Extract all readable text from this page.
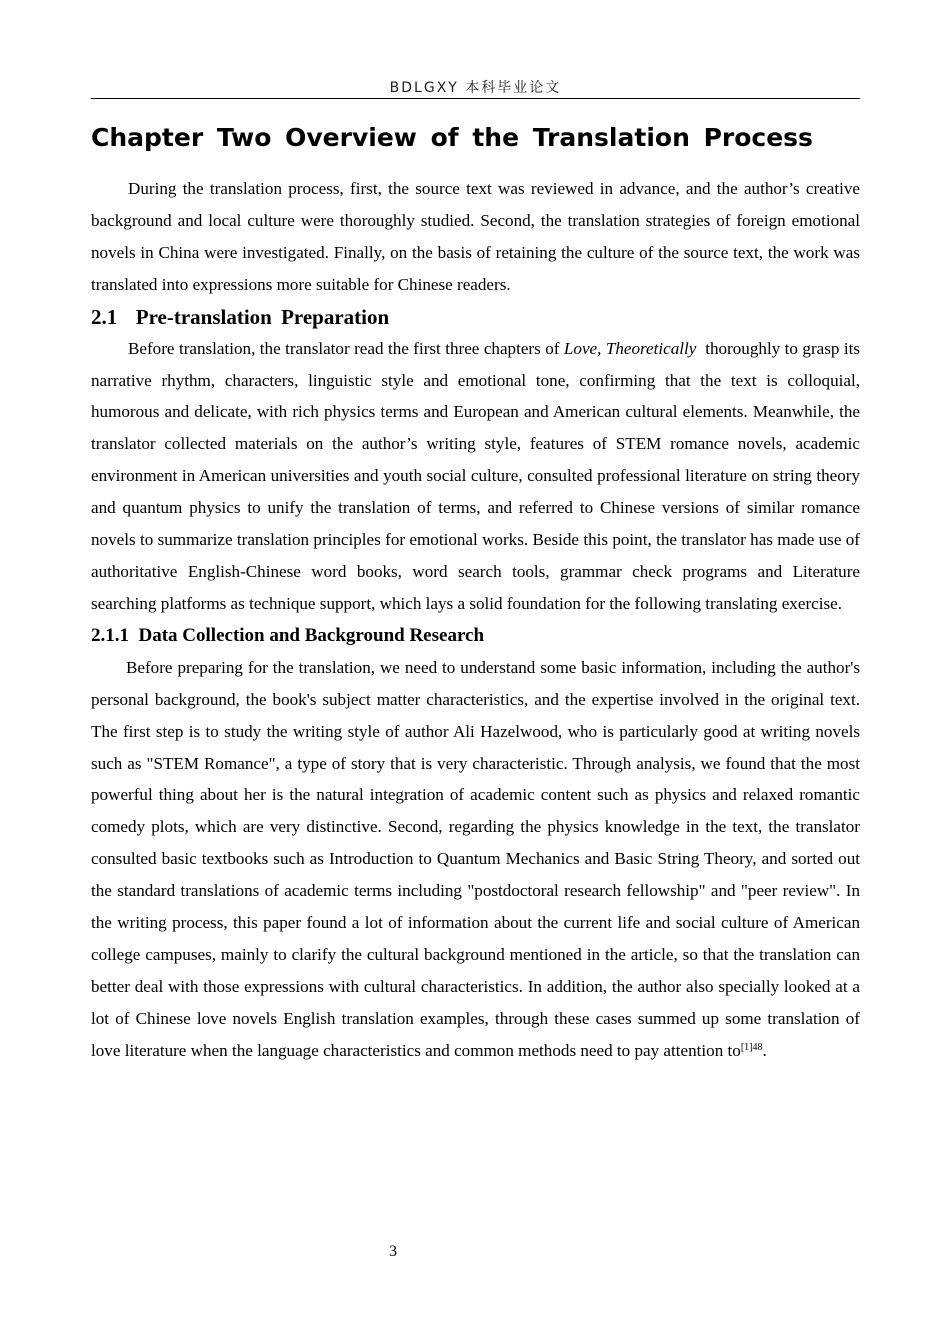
BDLGXY 本科毕业论文
Chapter Two Overview of the Translation Process

During the translation process, first, the source text was reviewed in advance, and the author’s creative background and local culture were thoroughly studied. Second, the translation strategies of foreign emotional novels in China were investigated. Finally, on the basis of retaining the culture of the source text, the work was translated into expressions more suitable for Chinese readers.

2.1 Pre-translation Preparation

Before translation, the translator read the first three chapters of Love, Theoretically thoroughly to grasp its narrative rhythm, characters, linguistic style and emotional tone, confirming that the text is colloquial, humorous and delicate, with rich physics terms and European and American cultural elements. Meanwhile, the translator collected materials on the author’s writing style, features of STEM romance novels, academic environment in American universities and youth social culture, consulted professional literature on string theory and quantum physics to unify the translation of terms, and referred to Chinese versions of similar romance novels to summarize translation principles for emotional works. Beside this point, the translator has made use of authoritative English-Chinese word books, word search tools, grammar check programs and Literature searching platforms as technique support, which lays a solid foundation for the following translating exercise.

2.1.1 Data Collection and Background Research

Before preparing for the translation, we need to understand some basic information, including the author's personal background, the book's subject matter characteristics, and the expertise involved in the original text. The first step is to study the writing style of author Ali Hazelwood, who is particularly good at writing novels such as "STEM Romance", a type of story that is very characteristic. Through analysis, we found that the most powerful thing about her is the natural integration of academic content such as physics and relaxed romantic comedy plots, which are very distinctive. Second, regarding the physics knowledge in the text, the translator consulted basic textbooks such as Introduction to Quantum Mechanics and Basic String Theory, and sorted out the standard translations of academic terms including "postdoctoral research fellowship" and "peer review". In the writing process, this paper found a lot of information about the current life and social culture of American college campuses, mainly to clarify the cultural background mentioned in the article, so that the translation can better deal with those expressions with cultural characteristics. In addition, the author also specially looked at a lot of Chinese love novels English translation examples, through these cases summed up some translation of love literature when the language characteristics and common methods need to pay attention to$^{[1]48}$.

3
